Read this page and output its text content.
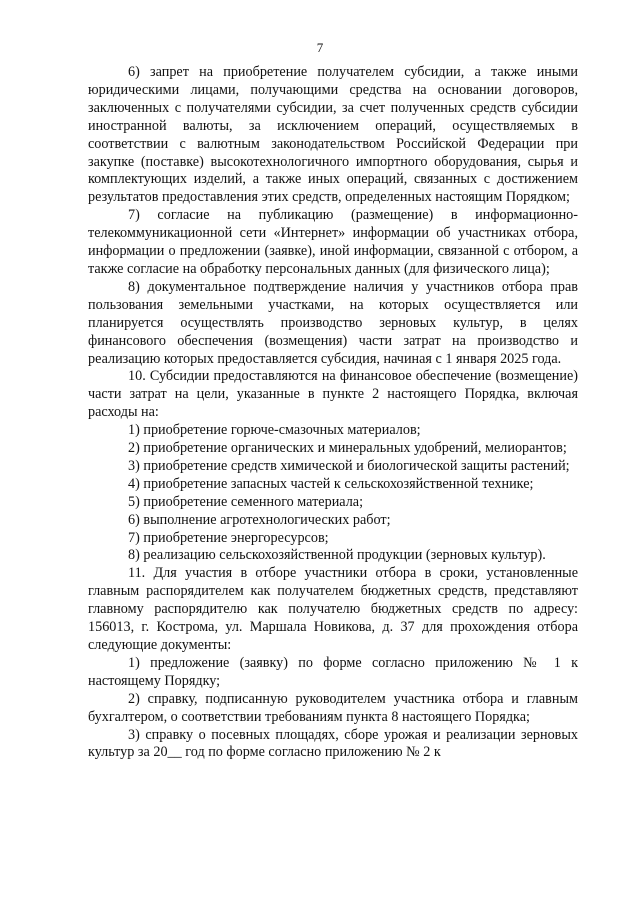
7

6) запрет на приобретение получателем субсидии, а также иными юридическими лицами, получающими средства на основании договоров, заключенных с получателями субсидии, за счет полученных средств субсидии иностранной валюты, за исключением операций, осуществляемых в соответствии с валютным законодательством Российской Федерации при закупке (поставке) высокотехнологичного импортного оборудования, сырья и комплектующих изделий, а также иных операций, связанных с достижением результатов предоставления этих средств, определенных настоящим Порядком;

7) согласие на публикацию (размещение) в информационно-телекоммуникационной сети «Интернет» информации об участниках отбора, информации о предложении (заявке), иной информации, связанной с отбором, а также согласие на обработку персональных данных (для физического лица);

8) документальное подтверждение наличия у участников отбора прав пользования земельными участками, на которых осуществляется или планируется осуществлять производство зерновых культур, в целях финансового обеспечения (возмещения) части затрат на производство и реализацию которых предоставляется субсидия, начиная с 1 января 2025 года.

10. Субсидии предоставляются на финансовое обеспечение (возмещение) части затрат на цели, указанные в пункте 2 настоящего Порядка, включая расходы на:

1) приобретение горюче-смазочных материалов;

2) приобретение органических и минеральных удобрений, мелиорантов;

3) приобретение средств химической и биологической защиты растений;

4) приобретение запасных частей к сельскохозяйственной технике;

5) приобретение семенного материала;

6) выполнение агротехнологических работ;

7) приобретение энергоресурсов;

8) реализацию сельскохозяйственной продукции (зерновых культур).

11. Для участия в отборе участники отбора в сроки, установленные главным распорядителем как получателем бюджетных средств, представляют главному распорядителю как получателю бюджетных средств по адресу: 156013, г. Кострома, ул. Маршала Новикова, д. 37 для прохождения отбора следующие документы:

1) предложение (заявку) по форме согласно приложению № 1 к настоящему Порядку;

2) справку, подписанную руководителем участника отбора и главным бухгалтером, о соответствии требованиям пункта 8 настоящего Порядка;

3) справку о посевных площадях, сборе урожая и реализации зерновых культур за 20__ год по форме согласно приложению № 2 к
